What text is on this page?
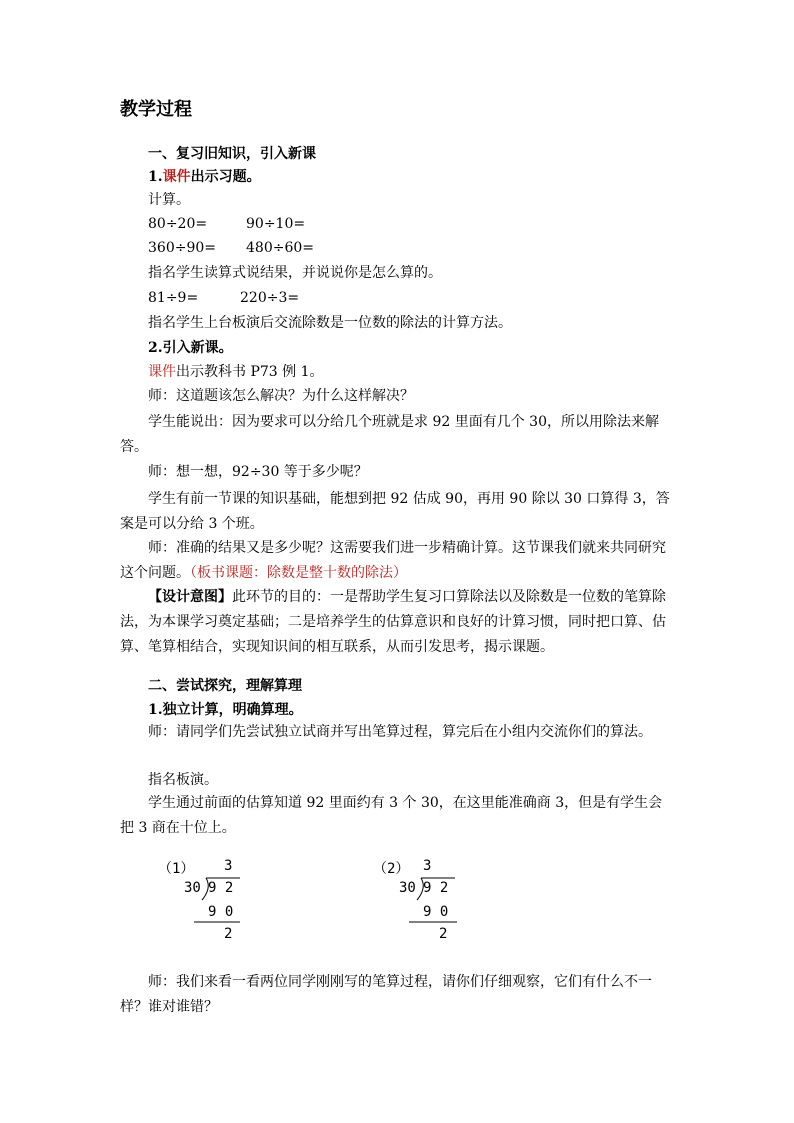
教学过程
一、复习旧知识，引入新课
1.课件出示习题。
计算。
80÷20=	90÷10=
360÷90= 480÷60=
指名学生读算式说结果，并说说你是怎么算的。
81÷9=	220÷3=
指名学生上台板演后交流除数是一位数的除法的计算方法。
2.引入新课。
课件出示教科书 P73 例 1。
师：这道题该怎么解决？为什么这样解决？
学生能说出：因为要求可以分给几个班就是求 92 里面有几个 30，所以用除法来解答。
师：想一想，92÷30 等于多少呢？
学生有前一节课的知识基础，能想到把 92 估成 90，再用 90 除以 30 口算得 3，答案是可以分给 3 个班。
师：准确的结果又是多少呢？这需要我们进一步精确计算。这节课我们就来共同研究这个问题。（板书课题：除数是整十数的除法）
【设计意图】此环节的目的：一是帮助学生复习口算除法以及除数是一位数的笔算除法，为本课学习奠定基础；二是培养学生的估算意识和良好的计算习惯，同时把口算、估算、笔算相结合，实现知识间的相互联系，从而引发思考，揭示课题。
二、尝试探究，理解算理
1.独立计算，明确算理。
师：请同学们先尝试独立试商并写出笔算过程，算完后在小组内交流你们的算法。
指名板演。
学生通过前面的估算知道 92 里面约有 3 个 30，在这里能准确商 3，但是有学生会把 3 商在十位上。
（1） 3
30 9 2
9 0
2
（2） 3
30 9 2
9 0
2
师：我们来看一看两位同学刚刚写的笔算过程，请你们仔细观察，它们有什么不一样？谁对谁错？
